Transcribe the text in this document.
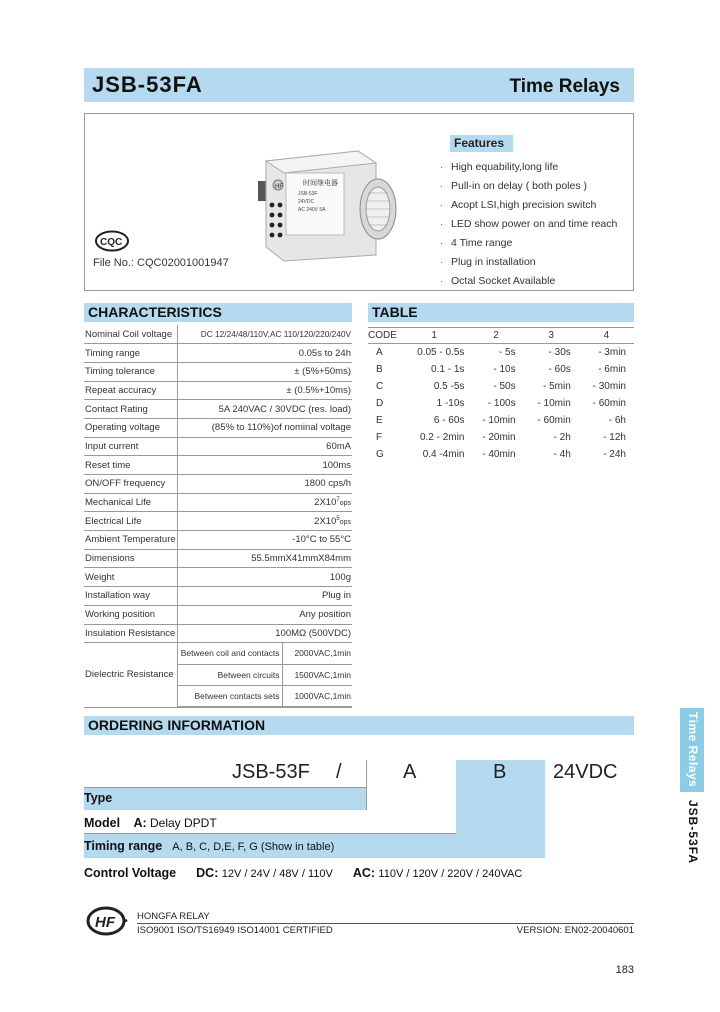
JSB-53FA	Time Relays
HF	时间继电器
JSB-53F
24VDC
AC 240V 5A
CQC
File No.: CQC02001001947
Features
· High equability,long life
· Pull-in on delay ( both poles )
· Acopt LSI,high precision switch
· LED show power on and time reach
· 4 Time range
· Plug in installation
· Octal Socket Available
CHARACTERISTICS
Nominal Coil voltage	DC 12/24/48/110V,AC 110/120/220/240V
Timing range	0.05s to 24h
Timing tolerance	± (5%+50ms)
Repeat accuracy	± (0.5%+10ms)
Contact Rating	5A 240VAC / 30VDC (res. load)
Operating voltage	(85% to 110%)of nominal voltage
Input current	60mA
Reset time	100ms
ON/OFF frequency	1800 cps/h
Mechanical Life	$2X10^7ops$
Electrical Life	$2X10^5ops$
Ambient Temperature	-10°C to 55°C
Dimensions	55.5mmX41mmX84mm
Weight	100g
Installation way	Plug in
Working position	Any position
Insulation Resistance	100MΩ (500VDC)
Dielectric Resistance	
Between coil and contacts	2000VAC,1min
Between circuits	1500VAC,1min
Between contacts sets	1000VAC,1min
TABLE
CODE	1	2	3	4
A	0.05 - 0.5s	- 5s	- 30s	- 3min
B	0.1 - 1s	- 10s	- 60s	- 6min
C	0.5 -5s	- 50s	- 5min	- 30min
D	1 -10s	- 100s	- 10min	- 60min
E	6 - 60s	- 10min	- 60min	- 6h
F	0.2 - 2min	- 20min	- 2h	- 12h
G	0.4 -4min	- 40min	- 4h	- 24h
ORDERING INFORMATION
JSB-53F /	A	B 24VDC
Type
Model A: Delay DPDT
Timing range A, B, C, D,E, F, G (Show in table)
Control Voltage DC: 12V / 24V / 48V / 110V AC: 110V / 120V / 220V / 240VAC
Time Relays
JSB-53FA
HF • HONGFA RELAY
ISO9001 ISO/TS16949 ISO14001 CERTIFIED	VERSION: EN02-20040601
183
